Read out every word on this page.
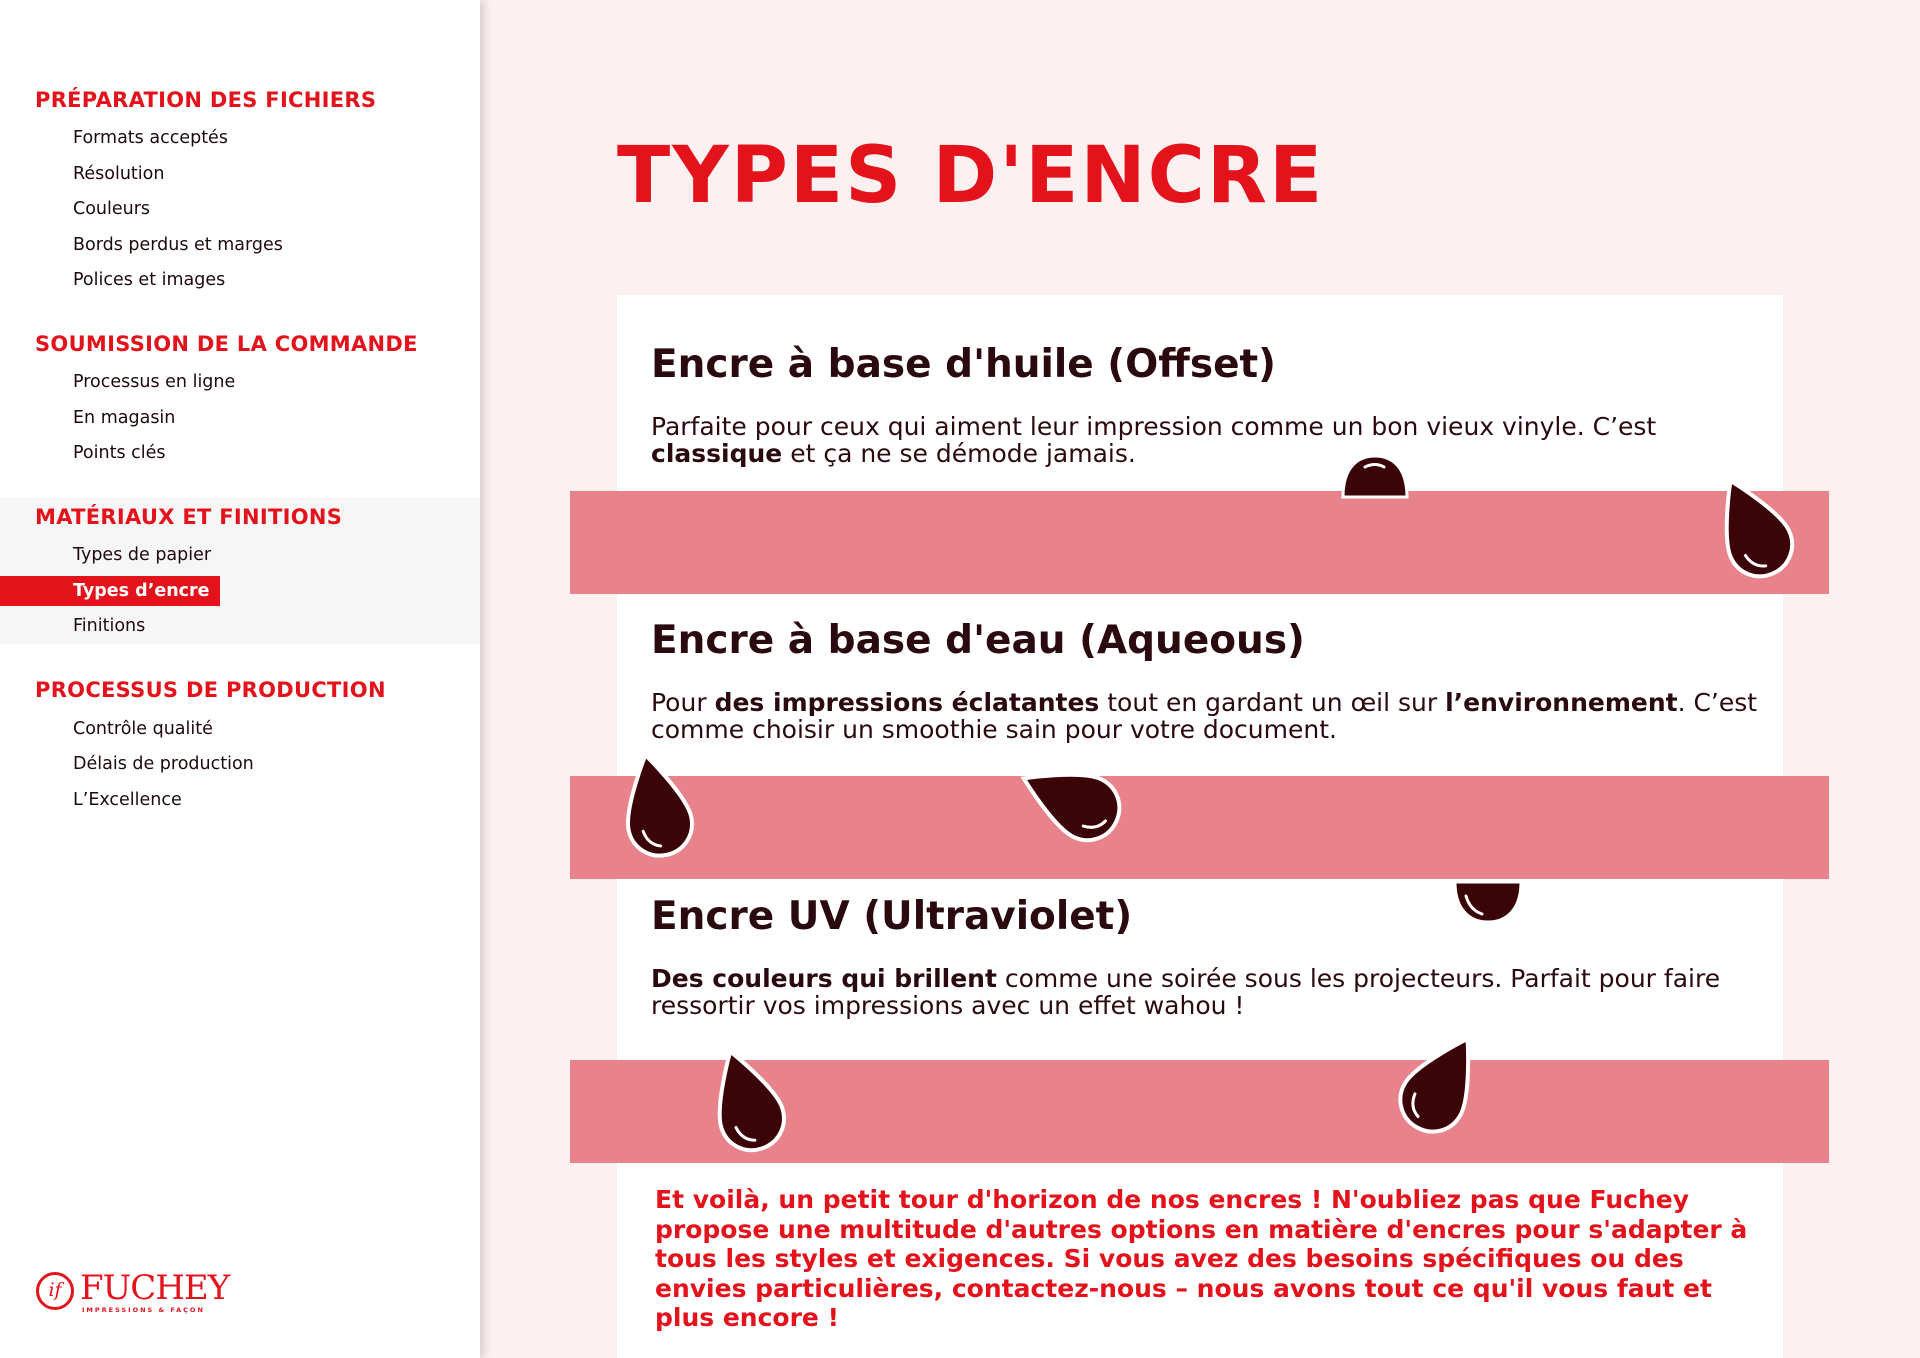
PRÉPARATION DES FICHIERS
Formats acceptés
Résolution
Couleurs
Bords perdus et marges
Polices et images
SOUMISSION DE LA COMMANDE
Processus en ligne
En magasin
Points clés
MATÉRIAUX ET FINITIONS
Types de papier
Types d’encre
Finitions
PROCESSUS DE PRODUCTION
Contrôle qualité
Délais de production
L’Excellence
if FUCHEY
IMPRESSIONS & FAÇON
TYPES D'ENCRE
Encre à base d'huile (Offset)

Parfaite pour ceux qui aiment leur impression comme un bon vieux vinyle. C’est classique et ça ne se démode jamais.

Encre à base d'eau (Aqueous)

Pour des impressions éclatantes tout en gardant un œil sur l’environnement. C’est comme choisir un smoothie sain pour votre document.

Encre UV (Ultraviolet)

Des couleurs qui brillent comme une soirée sous les projecteurs. Parfait pour faire ressortir vos impressions avec un effet wahou !

Et voilà, un petit tour d'horizon de nos encres ! N'oubliez pas que Fuchey propose une multitude d'autres options en matière d'encres pour s'adapter à tous les styles et exigences. Si vous avez des besoins spécifiques ou des envies particulières, contactez-nous – nous avons tout ce qu'il vous faut et plus encore !
